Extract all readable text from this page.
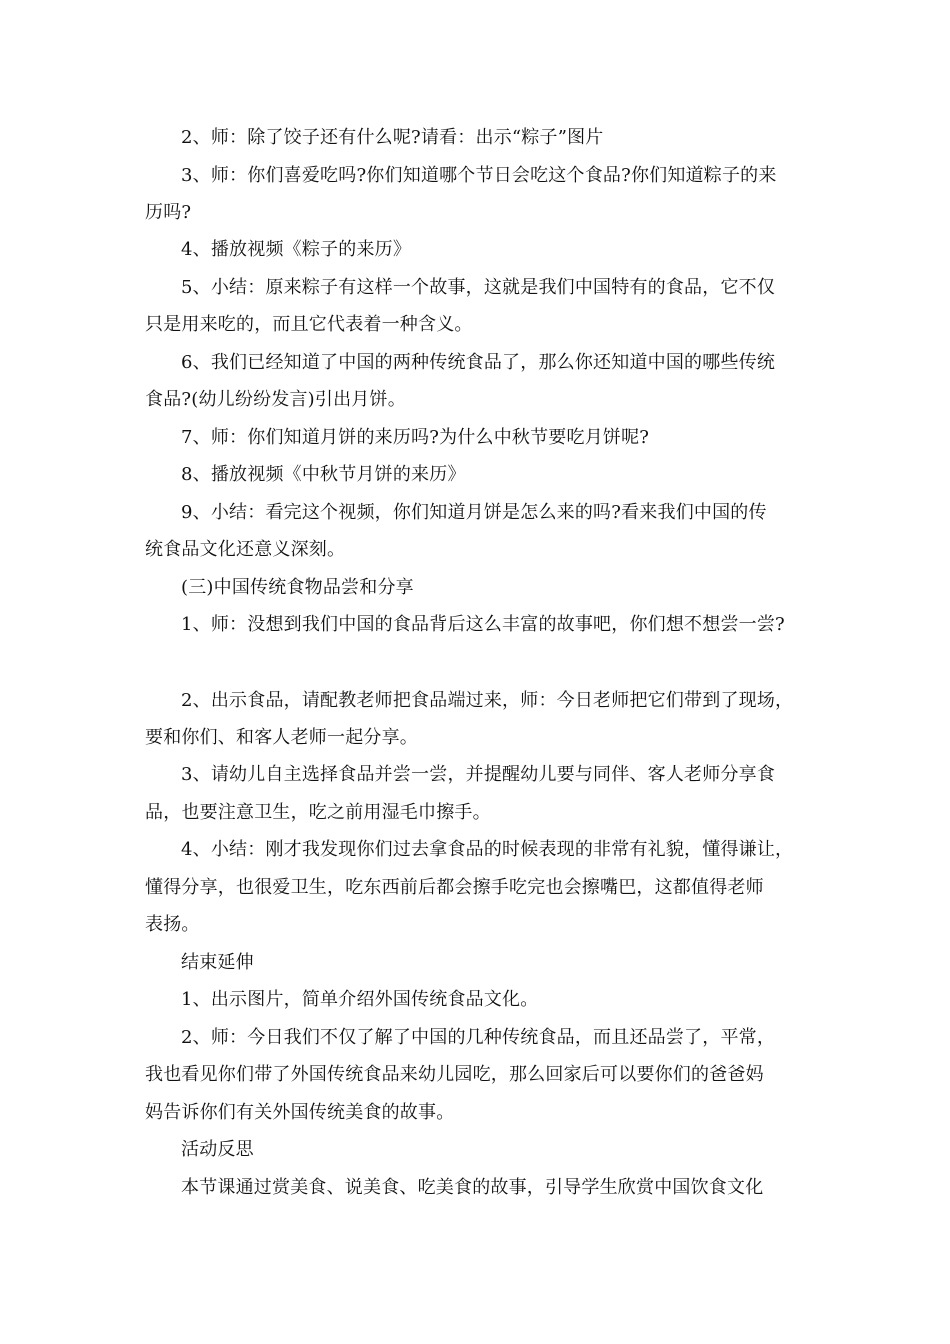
2、师：除了饺子还有什么呢?请看：出示“粽子”图片
3、师：你们喜爱吃吗?你们知道哪个节日会吃这个食品?你们知道粽子的来
历吗?
4、播放视频《粽子的来历》
5、小结：原来粽子有这样一个故事，这就是我们中国特有的食品，它不仅
只是用来吃的，而且它代表着一种含义。
6、我们已经知道了中国的两种传统食品了，那么你还知道中国的哪些传统
食品?(幼儿纷纷发言)引出月饼。
7、师：你们知道月饼的来历吗?为什么中秋节要吃月饼呢?
8、播放视频《中秋节月饼的来历》
9、小结：看完这个视频，你们知道月饼是怎么来的吗?看来我们中国的传
统食品文化还意义深刻。
(三)中国传统食物品尝和分享
1、师：没想到我们中国的食品背后这么丰富的故事吧，你们想不想尝一尝?
2、出示食品，请配教老师把食品端过来，师：今日老师把它们带到了现场，
要和你们、和客人老师一起分享。
3、请幼儿自主选择食品并尝一尝，并提醒幼儿要与同伴、客人老师分享食
品，也要注意卫生，吃之前用湿毛巾擦手。
4、小结：刚才我发现你们过去拿食品的时候表现的非常有礼貌，懂得谦让，
懂得分享，也很爱卫生，吃东西前后都会擦手吃完也会擦嘴巴，这都值得老师
表扬。
结束延伸
1、出示图片，简单介绍外国传统食品文化。
2、师：今日我们不仅了解了中国的几种传统食品，而且还品尝了，平常，
我也看见你们带了外国传统食品来幼儿园吃，那么回家后可以要你们的爸爸妈
妈告诉你们有关外国传统美食的故事。
活动反思
本节课通过赏美食、说美食、吃美食的故事，引导学生欣赏中国饮食文化
